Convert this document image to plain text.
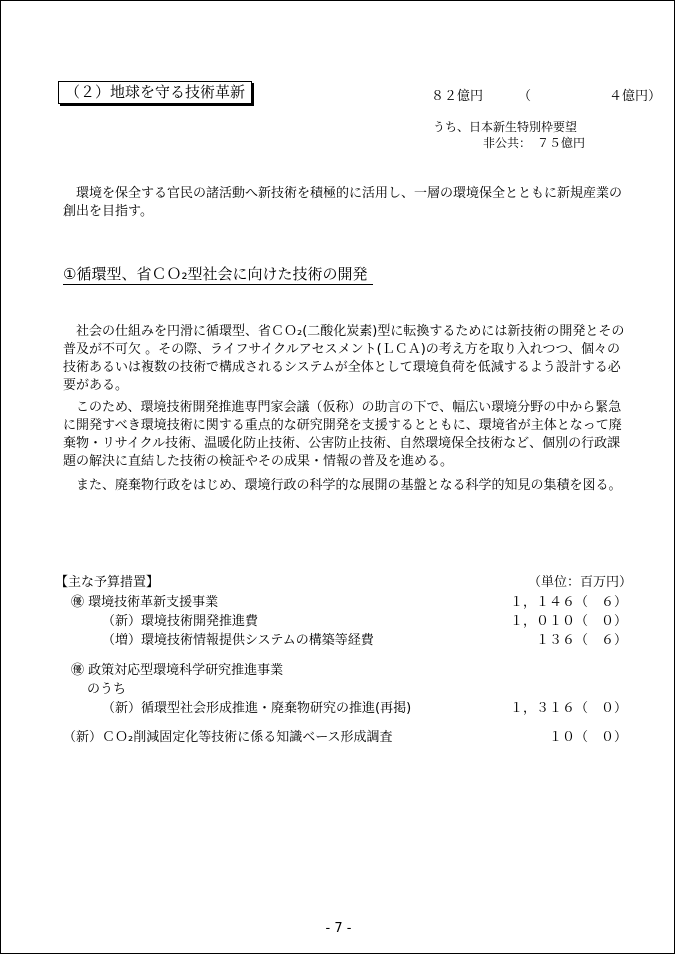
（２）地球を守る技術革新	８２億円	（	４億円）
うち、日本新生特別枠要望
非公共：　７５億円
環境を保全する官民の諸活動へ新技術を積極的に活用し、一層の環境保全とともに新規産業の創出を目指す。
①循環型、省ＣＯ₂型社会に向けた技術の開発
社会の仕組みを円滑に循環型、省ＣＯ₂(二酸化炭素)型に転換するためには新技術の開発とその普及が不可欠 。その際、ライフサイクルアセスメント(ＬＣＡ)の考え方を取り入れつつ、個々の技術あるいは複数の技術で構成されるシステムが全体として環境負荷を低減するよう設計する必要がある。
このため、環境技術開発推進専門家会議（仮称）の助言の下で、幅広い環境分野の中から緊急に開発すべき環境技術に関する重点的な研究開発を支援するとともに、環境省が主体となって廃棄物・リサイクル技術、温暖化防止技術、公害防止技術、自然環境保全技術など、個別の行政課題の解決に直結した技術の検証やその成果・情報の普及を進める。
また、廃棄物行政をはじめ、環境行政の科学的な展開の基盤となる科学的知見の集積を図る。
【主な予算措置】	（単位：百万円）
㊝ 環境技術革新支援事業	１，１４６（　６）
（新）環境技術開発推進費	１，０１０（　０）
（増）環境技術情報提供システムの構築等経費	１３６（　６）
㊝ 政策対応型環境科学研究推進事業
のうち
（新）循環型社会形成推進・廃棄物研究の推進(再掲)	１，３１６（　０）
（新）ＣＯ₂削減固定化等技術に係る知識ベース形成調査	１０（　０）
- 7 -
